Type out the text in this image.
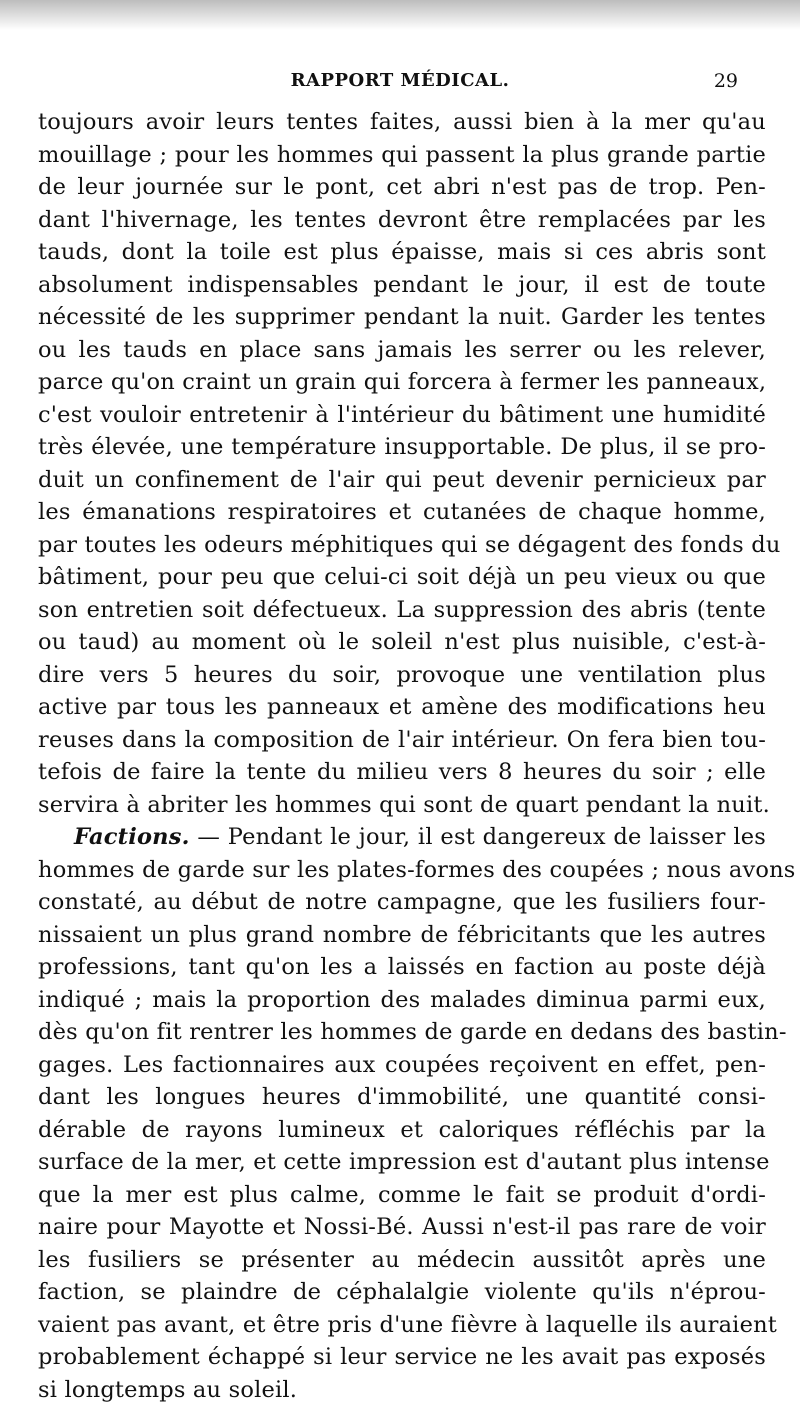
RAPPORT MÉDICAL.	29
toujours avoir leurs tentes faites, aussi bien à la mer qu'au
mouillage ; pour les hommes qui passent la plus grande partie
de leur journée sur le pont, cet abri n'est pas de trop. Pen-
dant l'hivernage, les tentes devront être remplacées par les
tauds, dont la toile est plus épaisse, mais si ces abris sont
absolument indispensables pendant le jour, il est de toute
nécessité de les supprimer pendant la nuit. Garder les tentes
ou les tauds en place sans jamais les serrer ou les relever,
parce qu'on craint un grain qui forcera à fermer les panneaux,
c'est vouloir entretenir à l'intérieur du bâtiment une humidité
très élevée, une température insupportable. De plus, il se pro-
duit un confinement de l'air qui peut devenir pernicieux par
les émanations respiratoires et cutanées de chaque homme,
par toutes les odeurs méphitiques qui se dégagent des fonds du
bâtiment, pour peu que celui-ci soit déjà un peu vieux ou que
son entretien soit défectueux. La suppression des abris (tente
ou taud) au moment où le soleil n'est plus nuisible, c'est-à-
dire vers 5 heures du soir, provoque une ventilation plus
active par tous les panneaux et amène des modifications heu
reuses dans la composition de l'air intérieur. On fera bien tou-
tefois de faire la tente du milieu vers 8 heures du soir ; elle
servira à abriter les hommes qui sont de quart pendant la nuit.
Factions. — Pendant le jour, il est dangereux de laisser les
hommes de garde sur les plates-formes des coupées ; nous avons
constaté, au début de notre campagne, que les fusiliers four-
nissaient un plus grand nombre de fébricitants que les autres
professions, tant qu'on les a laissés en faction au poste déjà
indiqué ; mais la proportion des malades diminua parmi eux,
dès qu'on fit rentrer les hommes de garde en dedans des bastin-
gages. Les factionnaires aux coupées reçoivent en effet, pen-
dant les longues heures d'immobilité, une quantité consi-
dérable de rayons lumineux et caloriques réfléchis par la
surface de la mer, et cette impression est d'autant plus intense
que la mer est plus calme, comme le fait se produit d'ordi-
naire pour Mayotte et Nossi-Bé. Aussi n'est-il pas rare de voir
les fusiliers se présenter au médecin aussitôt après une
faction, se plaindre de céphalalgie violente qu'ils n'éprou-
vaient pas avant, et être pris d'une fièvre à laquelle ils auraient
probablement échappé si leur service ne les avait pas exposés
si longtemps au soleil.
